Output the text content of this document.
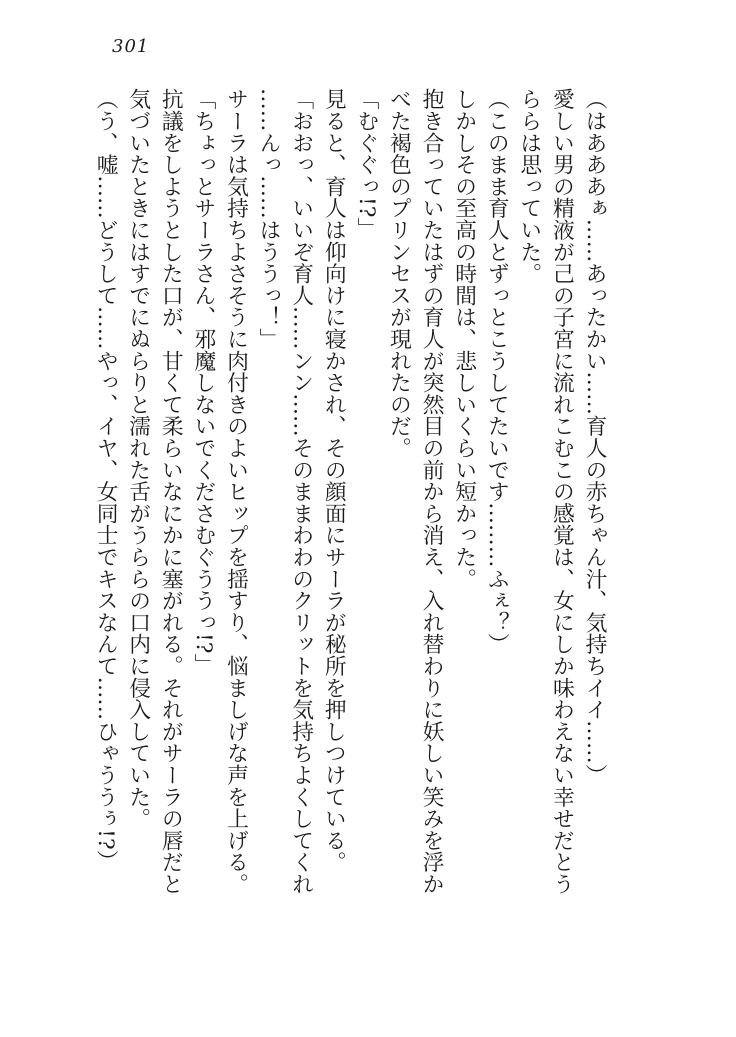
301
（はあああぁ……あったかい……育人の赤ちゃん汁、気持ちイイ……）
愛しい男の精液が己の子宮に流れこむこの感覚は、女にしか味わえない幸せだとう
ららは思っていた。
（このまま育人とずっとこうしてたいです………ふぇ？）
しかしその至高の時間は、悲しいくらい短かった。
抱き合っていたはずの育人が突然目の前から消え、入れ替わりに妖しい笑みを浮か
べた褐色のプリンセスが現れたのだ。
「むぐぐっ!?」
見ると、育人は仰向けに寝かされ、その顔面にサーラが秘所を押しつけている。
「おおっ、いいぞ育人……ンン……そのままわわのクリットを気持ちよくしてくれ
……んっ……はううっ！」
サーラは気持ちよさそうに肉付きのよいヒップを揺すり、悩ましげな声を上げる。
「ちょっとサーラさん、邪魔しないでくださむぐううっ!?」
抗議をしようとした口が、甘くて柔らいなにかに塞がれる。それがサーラの唇だと
気づいたときにはすでにぬらりと濡れた舌がうららの口内に侵入していた。
（う、嘘……どうして……やっ、イヤ、女同士でキスなんて……ひゃううぅ!?）
